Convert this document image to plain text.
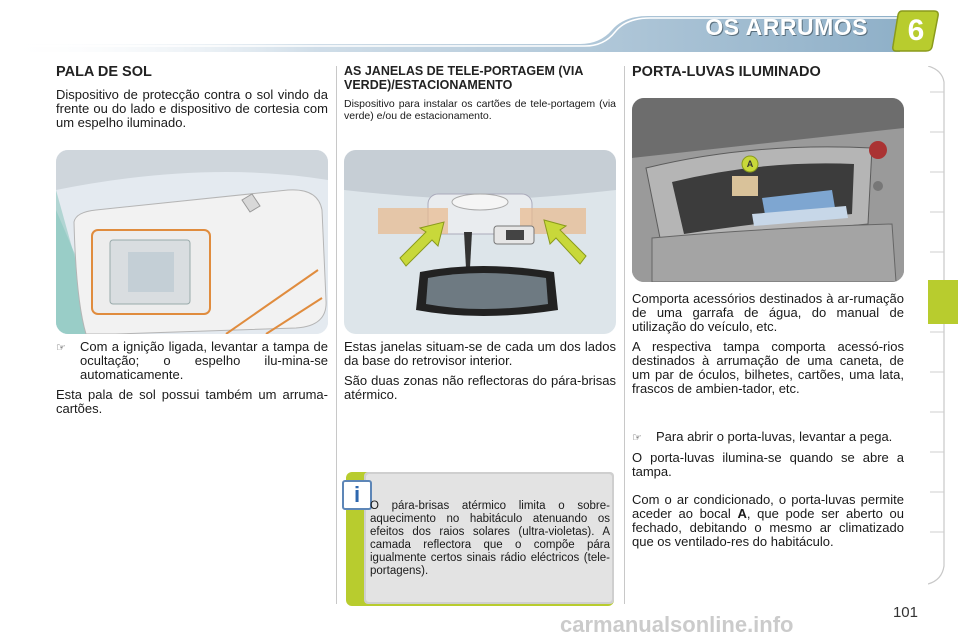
OS ARRUMOS	6
PALA DE SOL

Dispositivo de protecção contra o sol vindo da frente ou do lado e dispositivo de cortesia com um espelho iluminado.

☞	Com a ignição ligada, levantar a tampa de ocultação; o espelho ilu-mina-se automaticamente.

Esta pala de sol possui também um arruma-cartões.

AS JANELAS DE TELE-PORTAGEM (VIA VERDE)/ESTACIONAMENTO

Dispositivo para instalar os cartões de tele-portagem (via verde) e/ou de estacionamento.

Estas janelas situam-se de cada um dos lados da base do retrovisor interior.

São duas zonas não reflectoras do pára-brisas atérmico.

i O pára-brisas atérmico limita o sobre-aquecimento no habitáculo atenuando os efeitos dos raios solares (ultra-violetas). A camada reflectora que o compõe pára igualmente certos sinais rádio eléctricos (tele-portagens).
PORTA-LUVAS ILUMINADO
A

Comporta acessórios destinados à ar-rumação de uma garrafa de água, do manual de utilização do veículo, etc.

A respectiva tampa comporta acessó-rios destinados à arrumação de uma caneta, de um par de óculos, bilhetes, cartões, uma lata, frascos de ambien-tador, etc.

☞	Para abrir o porta-luvas, levantar a pega.

O porta-luvas ilumina-se quando se abre a tampa.

Com o ar condicionado, o porta-luvas permite aceder ao bocal A, que pode ser aberto ou fechado, debitando o mesmo ar climatizado que os ventilado-res do habitáculo.

101
carmanualsonline.info
